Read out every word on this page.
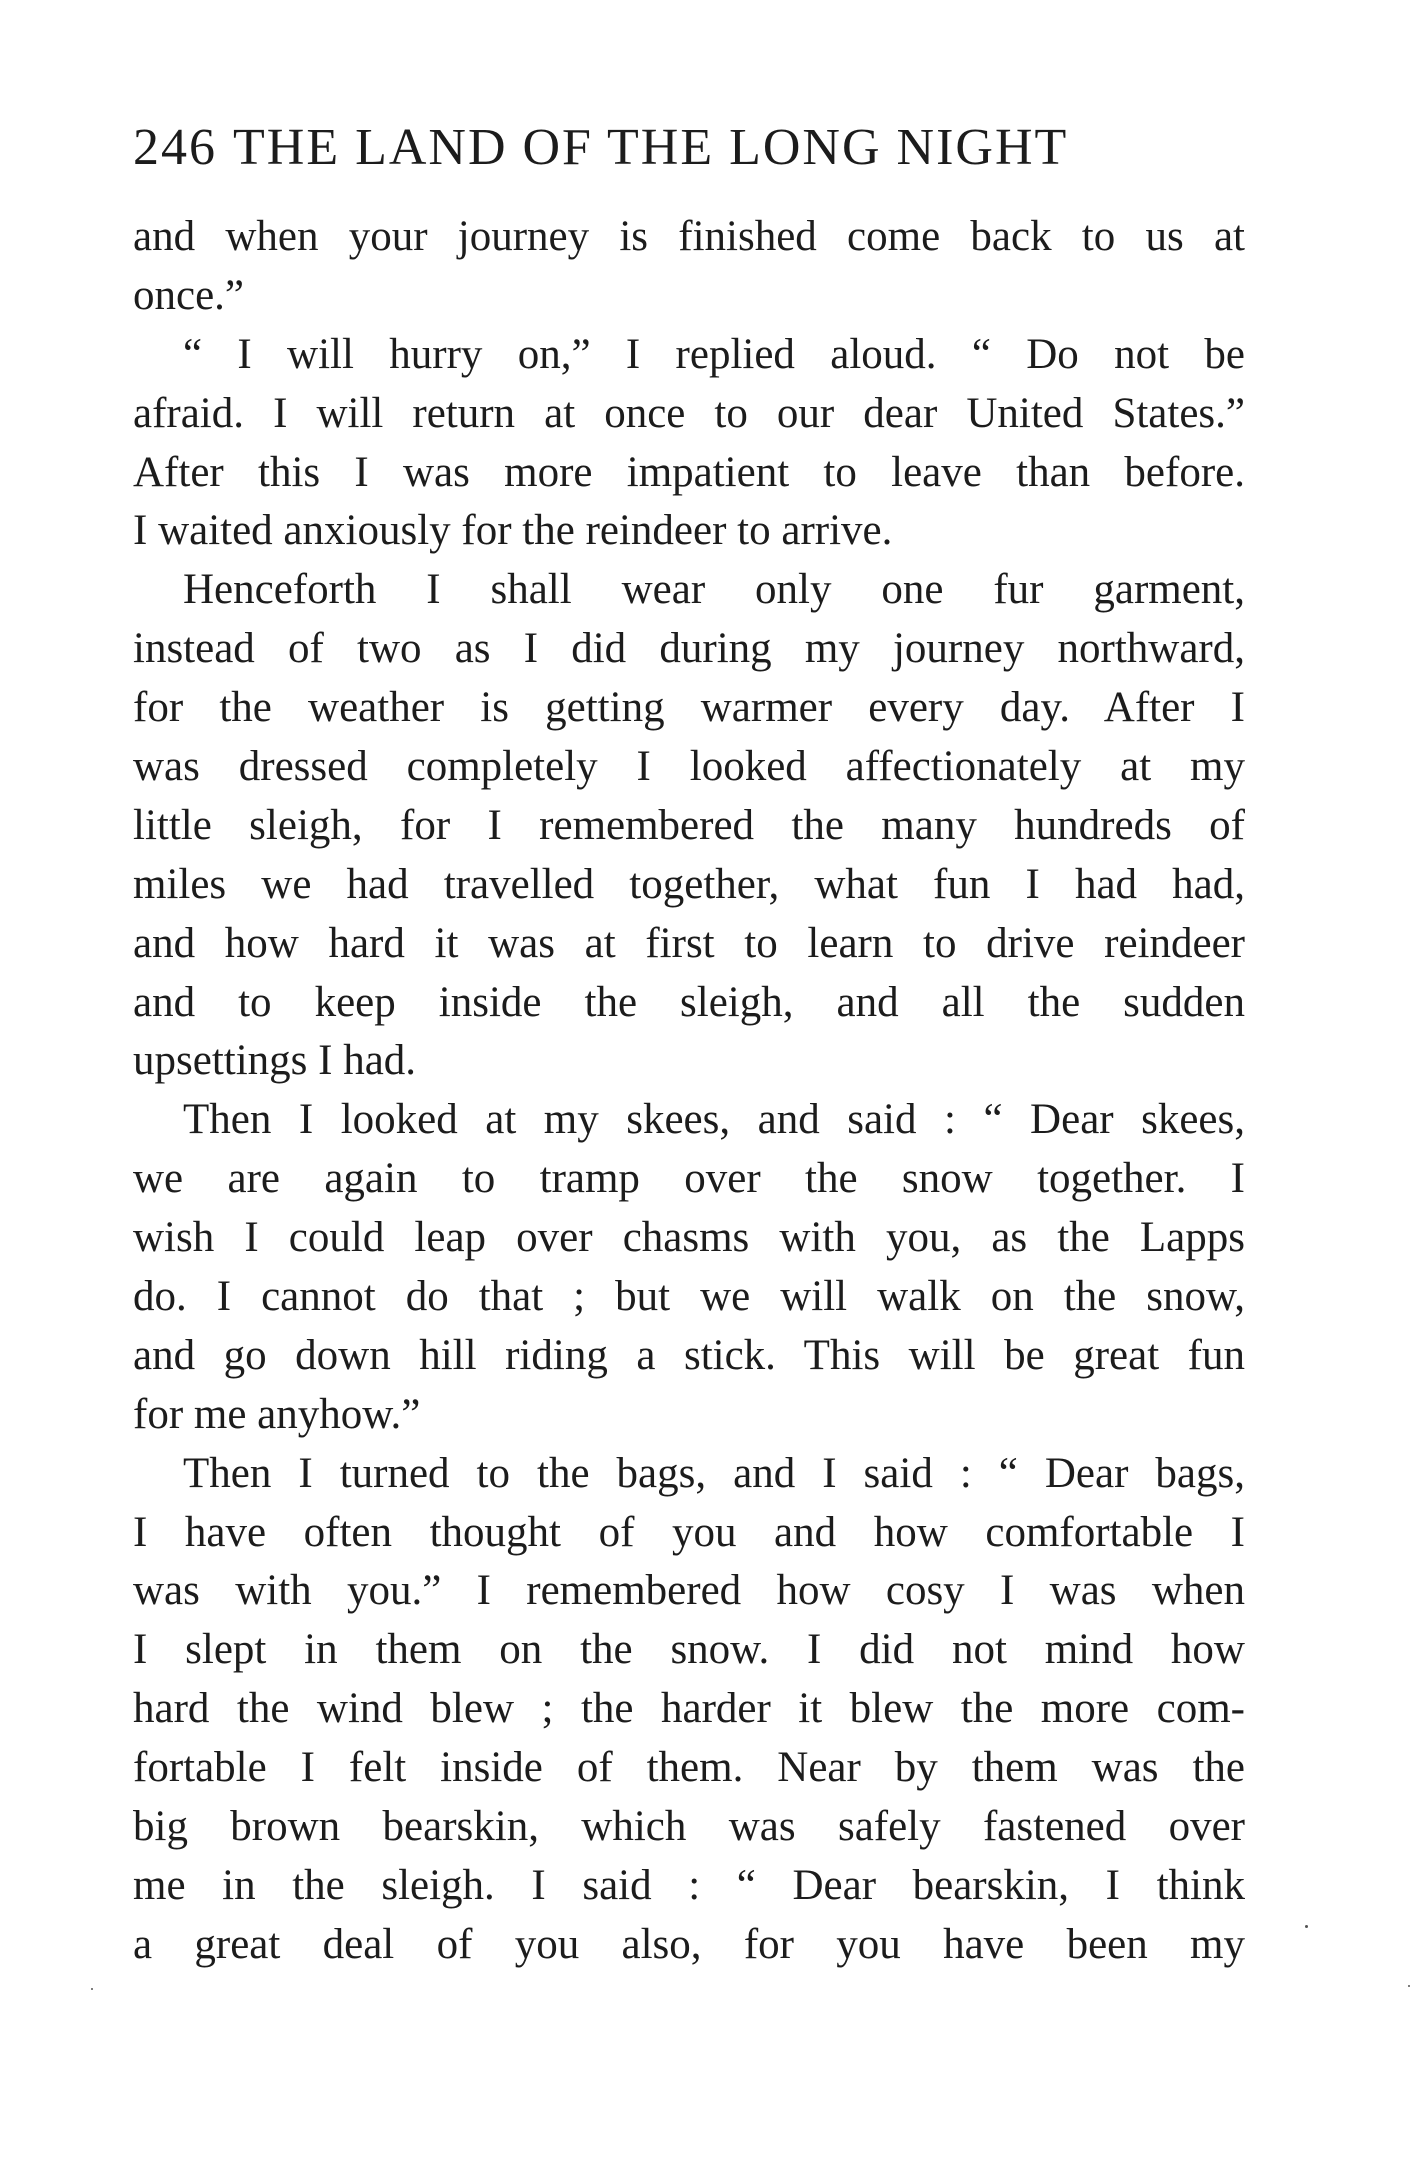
246 THE LAND OF THE LONG NIGHT
and when your journey is finished come back to us at
once.”
“ I will hurry on,” I replied aloud. “ Do not be
afraid. I will return at once to our dear United States.”
After this I was more impatient to leave than before.
I waited anxiously for the reindeer to arrive.
Henceforth I shall wear only one fur garment,
instead of two as I did during my journey northward,
for the weather is getting warmer every day. After I
was dressed completely I looked affectionately at my
little sleigh, for I remembered the many hundreds of
miles we had travelled together, what fun I had had,
and how hard it was at first to learn to drive reindeer
and to keep inside the sleigh, and all the sudden
upsettings I had.
Then I looked at my skees, and said : “ Dear skees,
we are again to tramp over the snow together. I
wish I could leap over chasms with you, as the Lapps
do. I cannot do that ; but we will walk on the snow,
and go down hill riding a stick. This will be great fun
for me anyhow.”
Then I turned to the bags, and I said : “ Dear bags,
I have often thought of you and how comfortable I
was with you.” I remembered how cosy I was when
I slept in them on the snow. I did not mind how
hard the wind blew ; the harder it blew the more com-
fortable I felt inside of them. Near by them was the
big brown bearskin, which was safely fastened over
me in the sleigh. I said : “ Dear bearskin, I think
a great deal of you also, for you have been my
